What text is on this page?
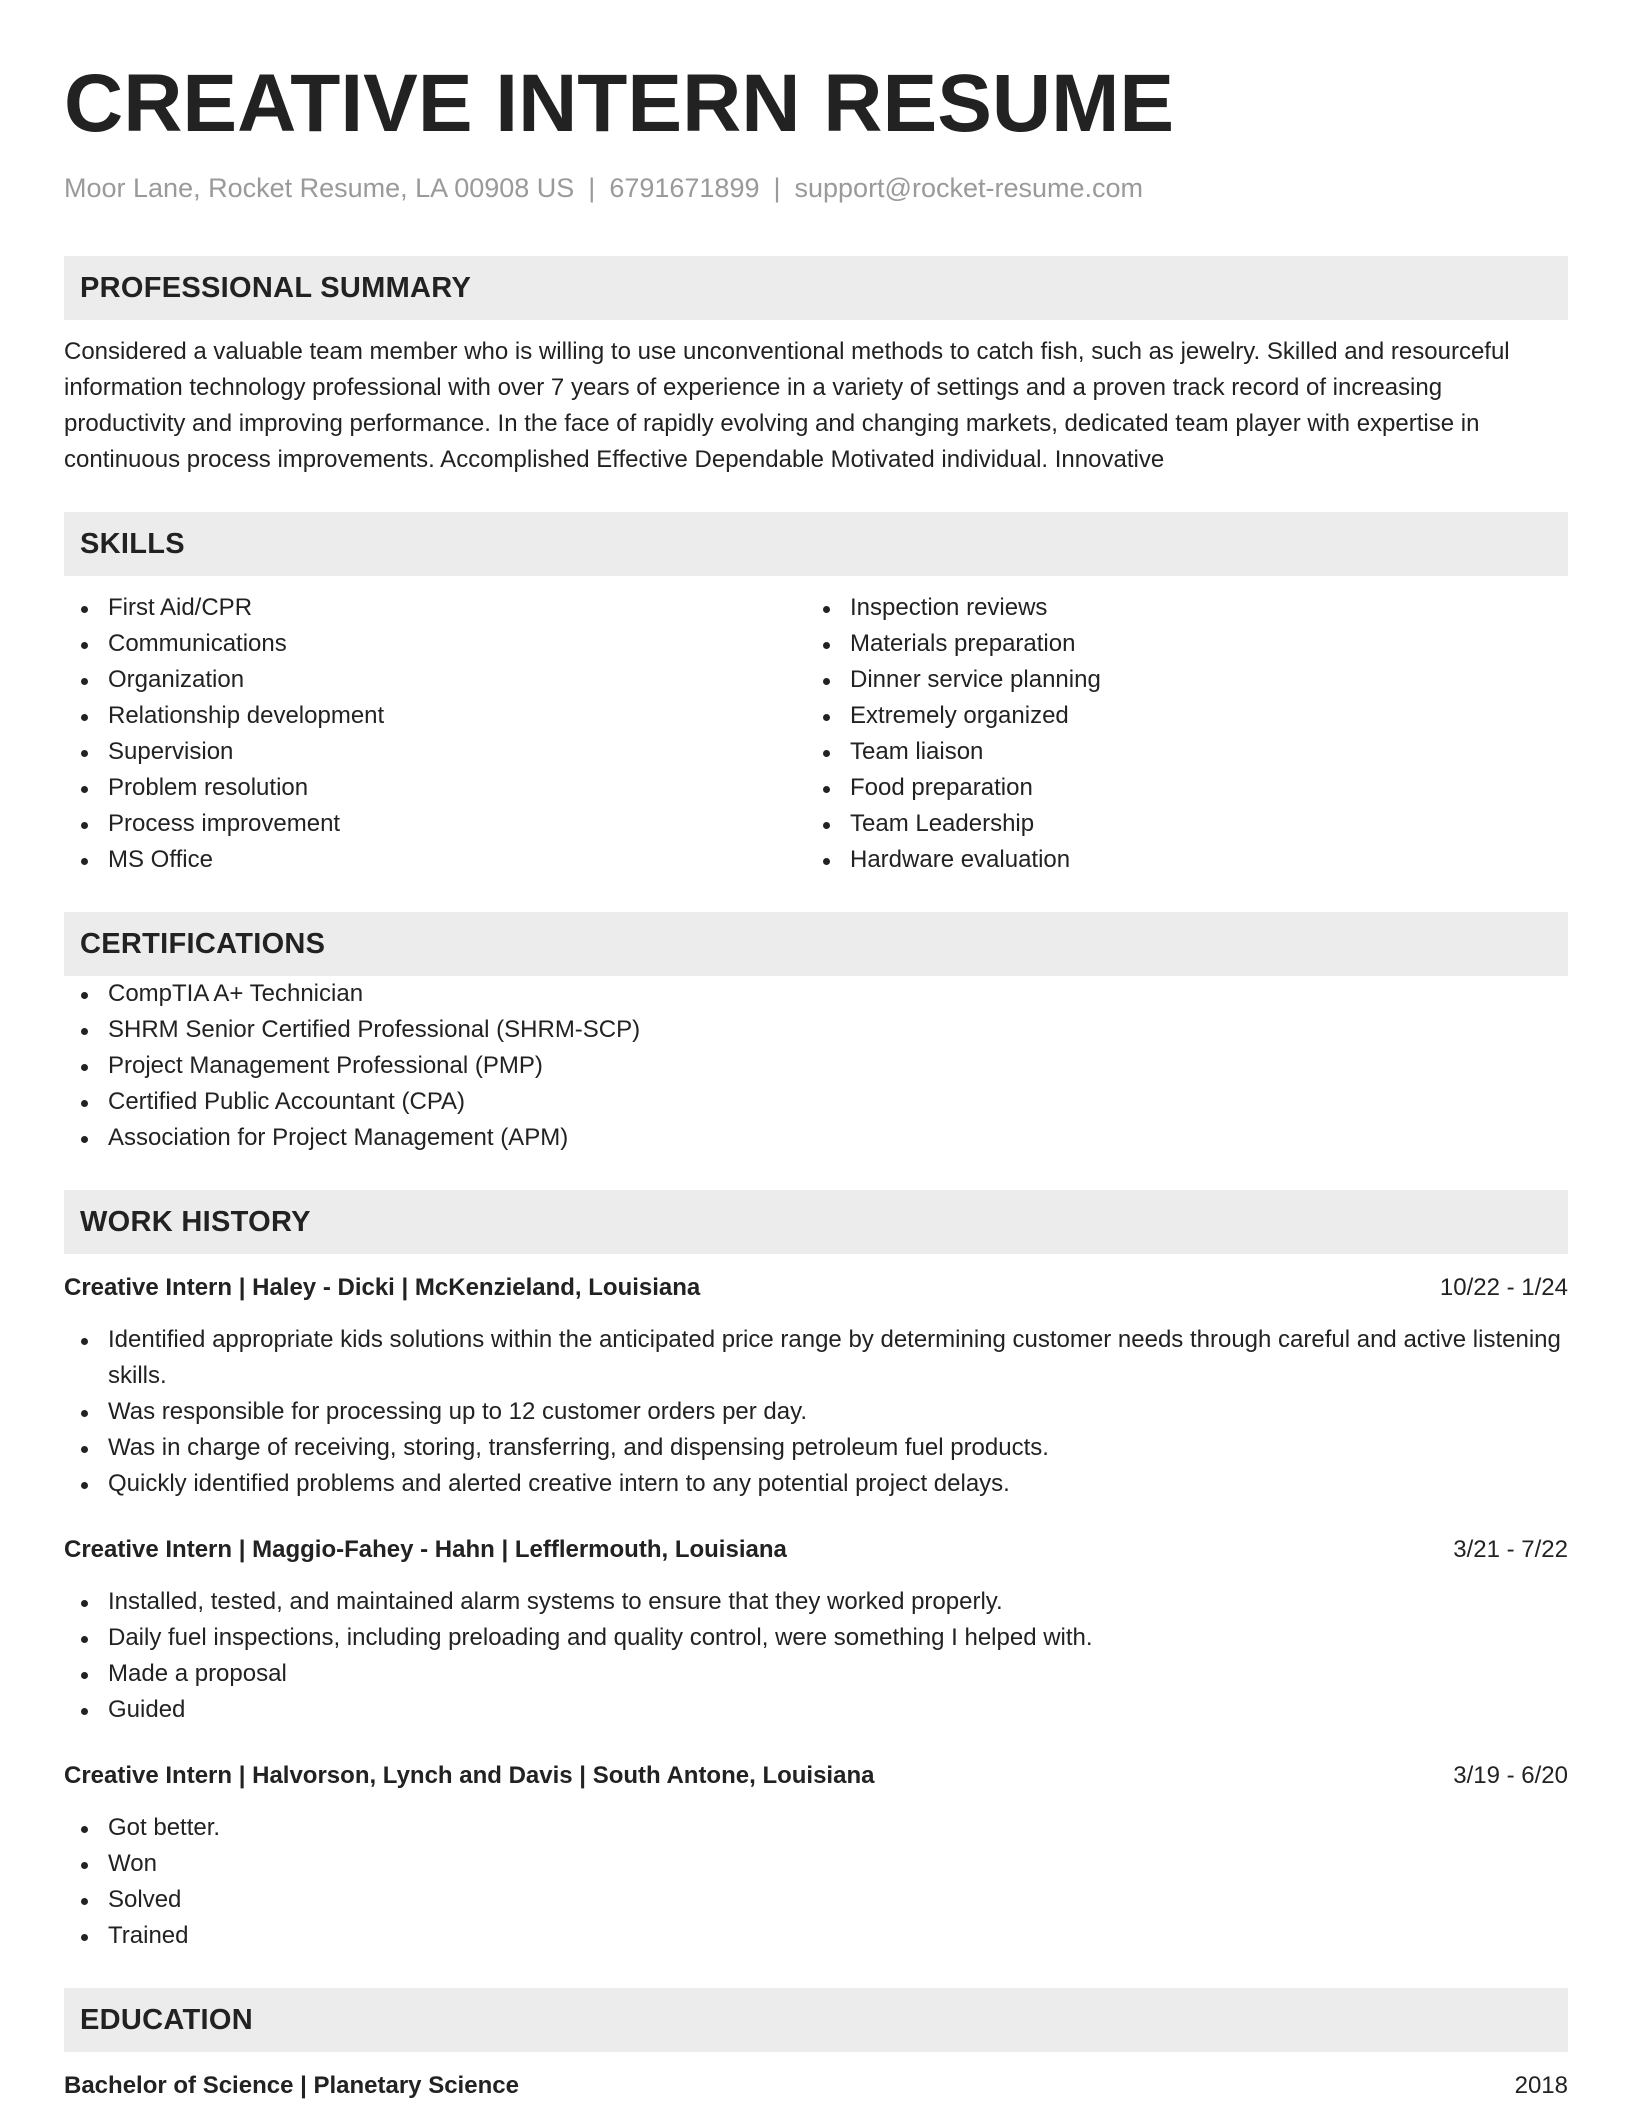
CREATIVE INTERN RESUME
Moor Lane, Rocket Resume, LA 00908 US | 6791671899 | support@rocket-resume.com
PROFESSIONAL SUMMARY

Considered a valuable team member who is willing to use unconventional methods to catch fish, such as jewelry. Skilled and resourceful information technology professional with over 7 years of experience in a variety of settings and a proven track record of increasing productivity and improving performance. In the face of rapidly evolving and changing markets, dedicated team player with expertise in continuous process improvements. Accomplished Effective Dependable Motivated individual. Innovative

SKILLS
First Aid/CPR
Communications
Organization
Relationship development
Supervision
Problem resolution
Process improvement
MS Office
Inspection reviews
Materials preparation
Dinner service planning
Extremely organized
Team liaison
Food preparation
Team Leadership
Hardware evaluation
CERTIFICATIONS
CompTIA A+ Technician
SHRM Senior Certified Professional (SHRM-SCP)
Project Management Professional (PMP)
Certified Public Accountant (CPA)
Association for Project Management (APM)
WORK HISTORY
Creative Intern | Haley - Dicki | McKenzieland, Louisiana	10/22 - 1/24
Identified appropriate kids solutions within the anticipated price range by determining customer needs through careful and active listening skills.
Was responsible for processing up to 12 customer orders per day.
Was in charge of receiving, storing, transferring, and dispensing petroleum fuel products.
Quickly identified problems and alerted creative intern to any potential project delays.
Creative Intern | Maggio-Fahey - Hahn | Lefflermouth, Louisiana	3/21 - 7/22
Installed, tested, and maintained alarm systems to ensure that they worked properly.
Daily fuel inspections, including preloading and quality control, were something I helped with.
Made a proposal
Guided
Creative Intern | Halvorson, Lynch and Davis | South Antone, Louisiana	3/19 - 6/20
Got better.
Won
Solved
Trained
EDUCATION
Bachelor of Science | Planetary Science	2018
